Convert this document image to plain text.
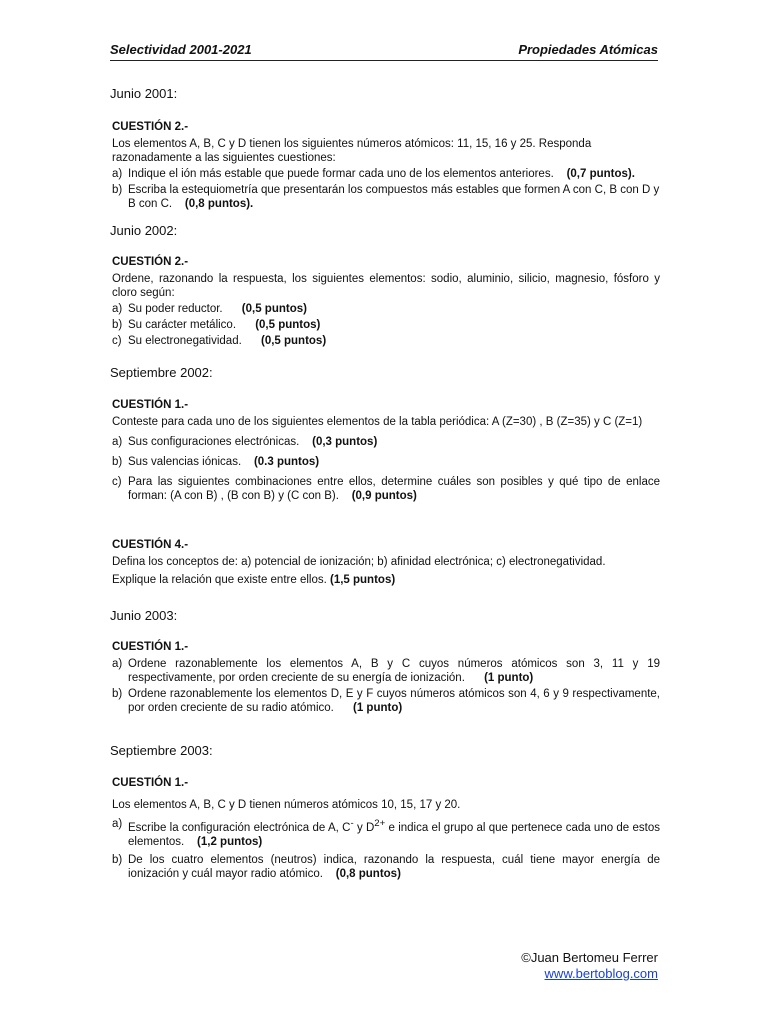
Selectividad 2001-2021	Propiedades Atómicas
Junio 2001:
CUESTIÓN 2.-
Los elementos A, B, C y D tienen los siguientes números atómicos: 11, 15, 16 y 25. Responda razonadamente a las siguientes cuestiones:
a) Indique el ión más estable que puede formar cada uno de los elementos anteriores. (0,7 puntos).
b) Escriba la estequiometría que presentarán los compuestos más estables que formen A con C, B con D y B con C. (0,8 puntos).
Junio 2002:
CUESTIÓN 2.-
Ordene, razonando la respuesta, los siguientes elementos: sodio, aluminio, silicio, magnesio, fósforo y cloro según:
a) Su poder reductor. (0,5 puntos)
b) Su carácter metálico. (0,5 puntos)
c) Su electronegatividad. (0,5 puntos)
Septiembre 2002:
CUESTIÓN 1.-
Conteste para cada uno de los siguientes elementos de la tabla periódica: A (Z=30) , B (Z=35) y C (Z=1)
a) Sus configuraciones electrónicas. (0,3 puntos)
b) Sus valencias iónicas. (0.3 puntos)
c) Para las siguientes combinaciones entre ellos, determine cuáles son posibles y qué tipo de enlace forman: (A con B) , (B con B) y (C con B). (0,9 puntos)
CUESTIÓN 4.-
Defina los conceptos de: a) potencial de ionización; b) afinidad electrónica; c) electronegatividad.
Explique la relación que existe entre ellos. (1,5 puntos)
Junio 2003:
CUESTIÓN 1.-
a) Ordene razonablemente los elementos A, B y C cuyos números atómicos son 3, 11 y 19 respectivamente, por orden creciente de su energía de ionización. (1 punto)
b) Ordene razonablemente los elementos D, E y F cuyos números atómicos son 4, 6 y 9 respectivamente, por orden creciente de su radio atómico. (1 punto)
Septiembre 2003:
CUESTIÓN 1.-
Los elementos A, B, C y D tienen números atómicos 10, 15, 17 y 20.
a) Escribe la configuración electrónica de A, C- y $D^{2+}$ e indica el grupo al que pertenece cada uno de estos elementos. (1,2 puntos)
b) De los cuatro elementos (neutros) indica, razonando la respuesta, cuál tiene mayor energía de ionización y cuál mayor radio atómico. (0,8 puntos)
©Juan Bertomeu Ferrer
www.bertoblog.com
